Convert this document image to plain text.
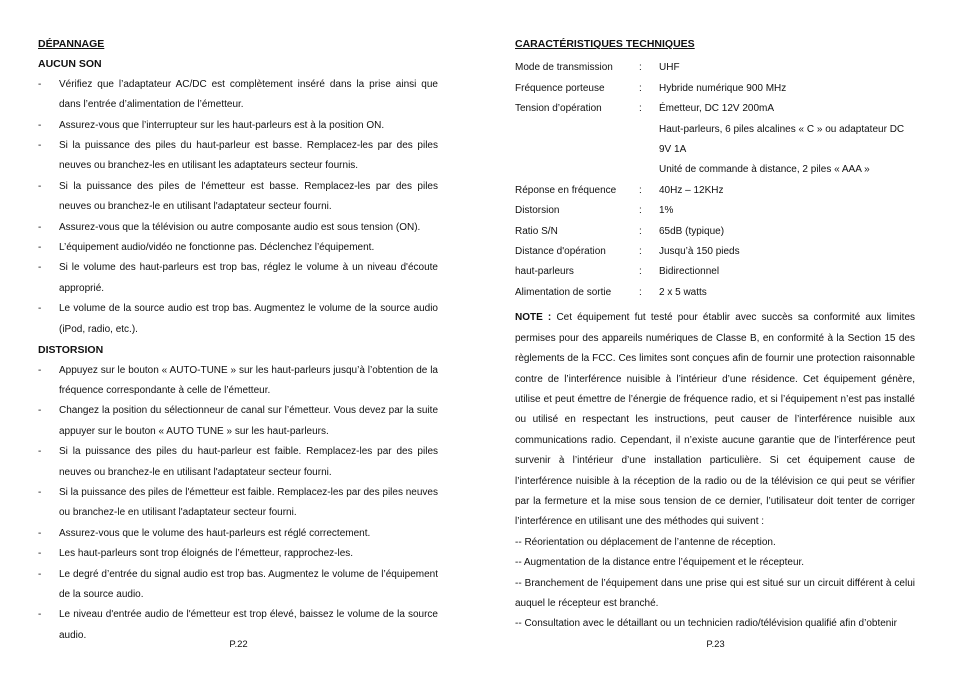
DÉPANNAGE
AUCUN SON
- Vérifiez que l’adaptateur AC/DC est complètement inséré dans la prise ainsi que dans l’entrée d’alimentation de l’émetteur.
- Assurez-vous que l’interrupteur sur les haut-parleurs est à la position ON.
- Si la puissance des piles du haut-parleur est basse. Remplacez-les par des piles neuves ou branchez-les en utilisant les adaptateurs secteur fournis.
- Si la puissance des piles de l'émetteur est basse. Remplacez-les par des piles neuves ou branchez-le en utilisant l'adaptateur secteur fourni.
- Assurez-vous que la télévision ou autre composante audio est sous tension (ON).
- L’équipement audio/vidéo ne fonctionne pas. Déclenchez l’équipement.
- Si le volume des haut-parleurs est trop bas, réglez le volume à un niveau d'écoute approprié.
- Le volume de la source audio est trop bas. Augmentez le volume de la source audio (iPod, radio, etc.).
DISTORSION
- Appuyez sur le bouton « AUTO-TUNE » sur les haut-parleurs jusqu’à l’obtention de la fréquence correspondante à celle de l’émetteur.
- Changez la position du sélectionneur de canal sur l’émetteur. Vous devez par la suite appuyer sur le bouton « AUTO TUNE » sur les haut-parleurs.
- Si la puissance des piles du haut-parleur est faible. Remplacez-les par des piles neuves ou branchez-le en utilisant l'adaptateur secteur fourni.
- Si la puissance des piles de l'émetteur est faible. Remplacez-les par des piles neuves ou branchez-le en utilisant l'adaptateur secteur fourni.
- Assurez-vous que le volume des haut-parleurs est réglé correctement.
- Les haut-parleurs sont trop éloignés de l’émetteur, rapprochez-les.
- Le degré d’entrée du signal audio est trop bas. Augmentez le volume de l’équipement de la source audio.
- Le niveau d'entrée audio de l'émetteur est trop élevé, baissez le volume de la source audio.
P.22
CARACTÉRISTIQUES TECHNIQUES
Mode de transmission	:	UHF

Fréquence porteuse	:	Hybride numérique 900 MHz

Tension d’opération	:	Émetteur, DC 12V 200mA
Haut-parleurs, 6 piles alcalines « C » ou adaptateur DC 9V 1A
Unité de commande à distance, 2 piles « AAA »

Réponse en fréquence	:	40Hz – 12KHz

Distorsion	:	1%

Ratio S/N	:	65dB (typique)

Distance d'opération	:	Jusqu’à 150 pieds

haut-parleurs	:	Bidirectionnel

Alimentation de sortie	:	2 x 5 watts

NOTE : Cet équipement fut testé pour établir avec succès sa conformité aux limites permises pour des appareils numériques de Classe B, en conformité à la Section 15 des règlements de la FCC. Ces limites sont conçues afin de fournir une protection raisonnable contre de l’interférence nuisible à l’intérieur d’une résidence. Cet équipement génère, utilise et peut émettre de l’énergie de fréquence radio, et si l’équipement n’est pas installé ou utilisé en respectant les instructions, peut causer de l’interférence nuisible aux communications radio. Cependant, il n’existe aucune garantie que de l’interférence peut survenir à l’intérieur d’une installation particulière. Si cet équipement cause de l’interférence nuisible à la réception de la radio ou de la télévision ce qui peut se vérifier par la fermeture et la mise sous tension de ce dernier, l’utilisateur doit tenter de corriger l’interférence en utilisant une des méthodes qui suivent :

-- Réorientation ou déplacement de l’antenne de réception.

-- Augmentation de la distance entre l’équipement et le récepteur.

-- Branchement de l’équipement dans une prise qui est situé sur un circuit différent à celui auquel le récepteur est branché.

-- Consultation avec le détaillant ou un technicien radio/télévision qualifié afin d’obtenir

P.23
